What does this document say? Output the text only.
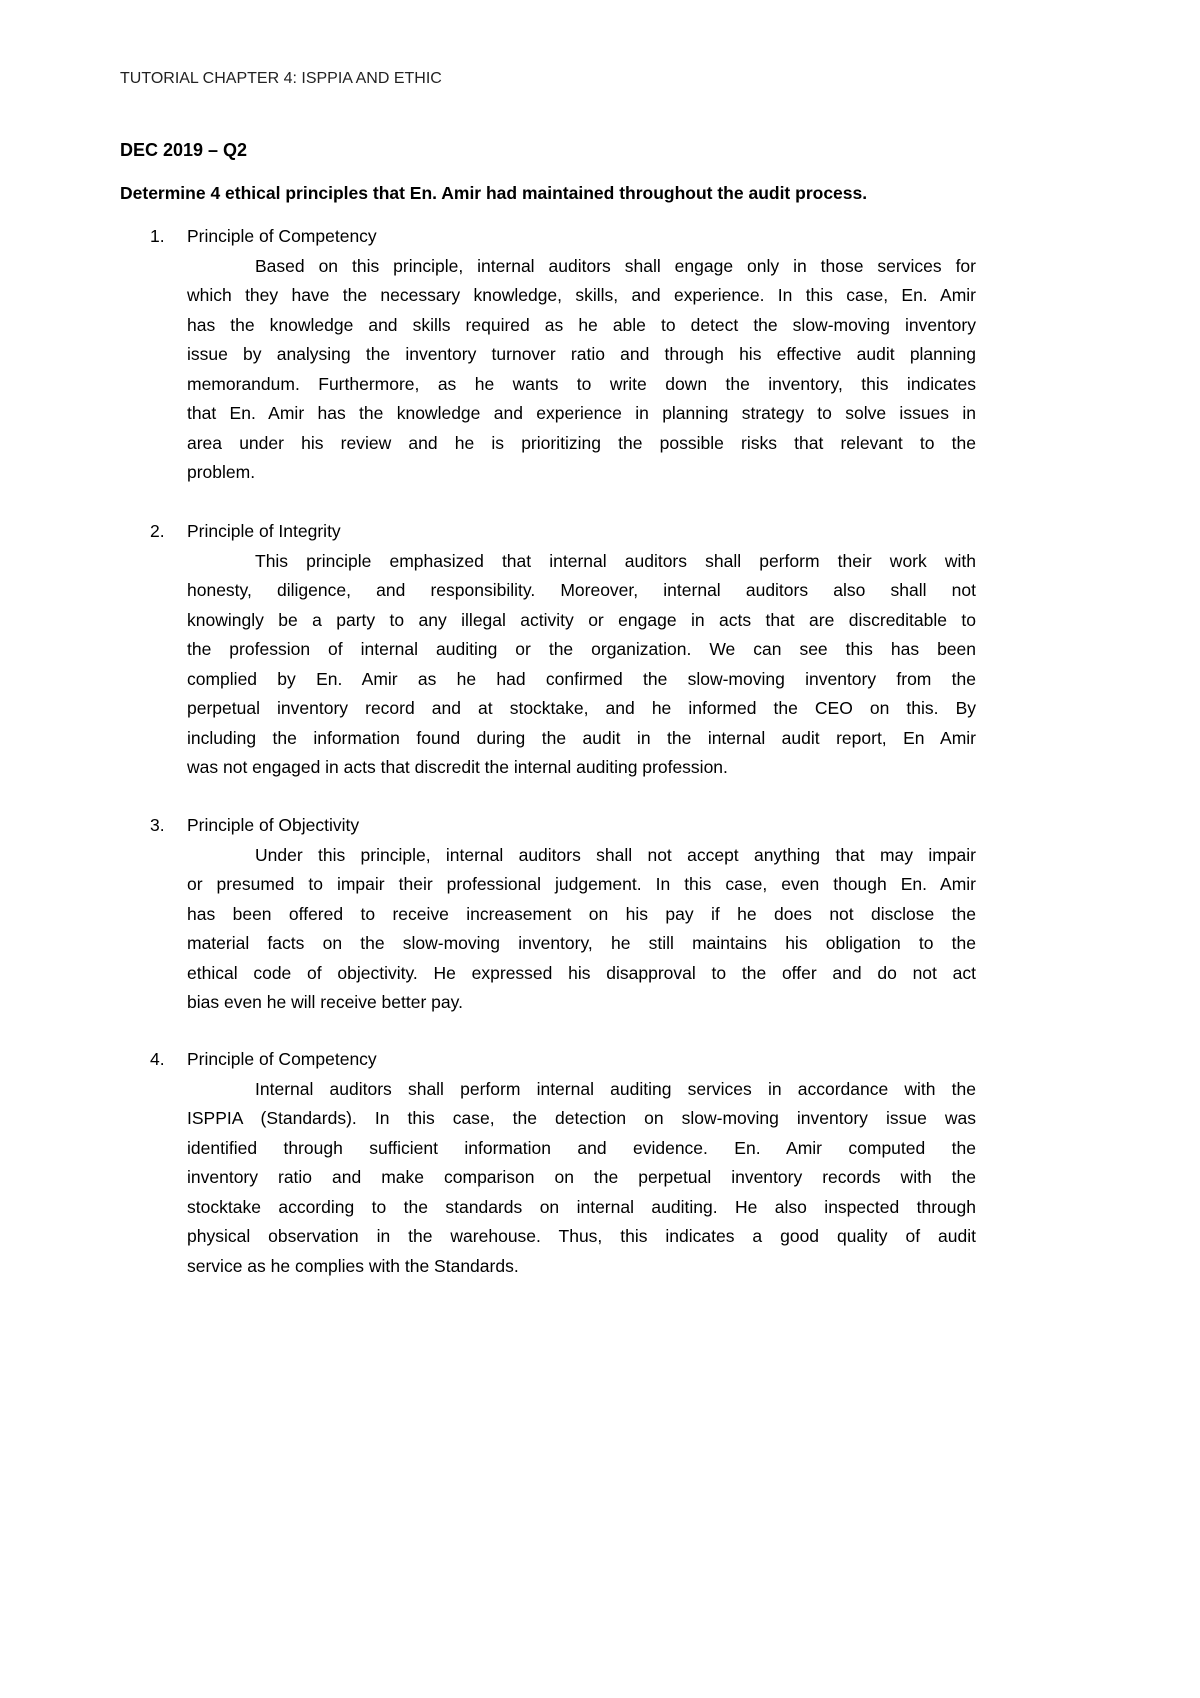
TUTORIAL CHAPTER 4: ISPPIA AND ETHIC
DEC 2019 – Q2
Determine 4 ethical principles that En. Amir had maintained throughout the audit process.
1. Principle of Competency
Based on this principle, internal auditors shall engage only in those services for
which they have the necessary knowledge, skills, and experience. In this case, En. Amir
has the knowledge and skills required as he able to detect the slow-moving inventory
issue by analysing the inventory turnover ratio and through his effective audit planning
memorandum. Furthermore, as he wants to write down the inventory, this indicates
that En. Amir has the knowledge and experience in planning strategy to solve issues in
area under his review and he is prioritizing the possible risks that relevant to the
problem.
2. Principle of Integrity
This principle emphasized that internal auditors shall perform their work with
honesty, diligence, and responsibility. Moreover, internal auditors also shall not
knowingly be a party to any illegal activity or engage in acts that are discreditable to
the profession of internal auditing or the organization. We can see this has been
complied by En. Amir as he had confirmed the slow-moving inventory from the
perpetual inventory record and at stocktake, and he informed the CEO on this. By
including the information found during the audit in the internal audit report, En Amir
was not engaged in acts that discredit the internal auditing profession.
3. Principle of Objectivity
Under this principle, internal auditors shall not accept anything that may impair
or presumed to impair their professional judgement. In this case, even though En. Amir
has been offered to receive increasement on his pay if he does not disclose the
material facts on the slow-moving inventory, he still maintains his obligation to the
ethical code of objectivity. He expressed his disapproval to the offer and do not act
bias even he will receive better pay.
4. Principle of Competency
Internal auditors shall perform internal auditing services in accordance with the
ISPPIA (Standards). In this case, the detection on slow-moving inventory issue was
identified through sufficient information and evidence. En. Amir computed the
inventory ratio and make comparison on the perpetual inventory records with the
stocktake according to the standards on internal auditing. He also inspected through
physical observation in the warehouse. Thus, this indicates a good quality of audit
service as he complies with the Standards.
